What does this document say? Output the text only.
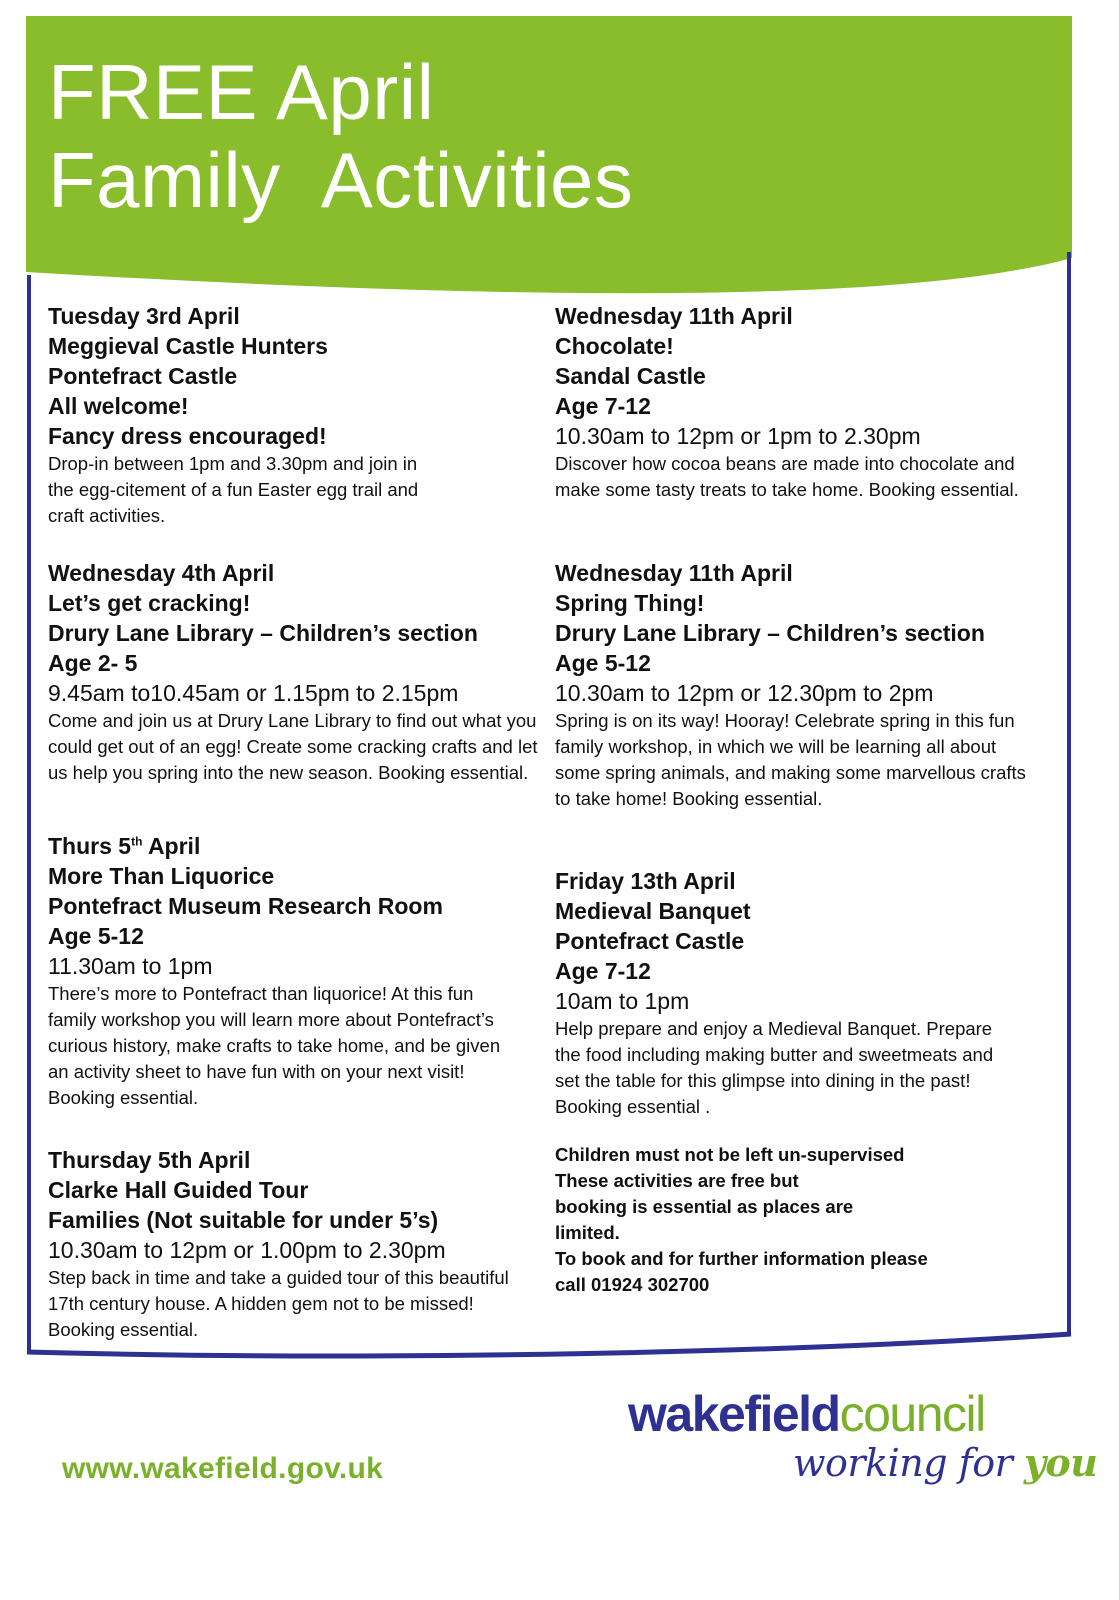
FREE April
Family  Activities
Tuesday 3rd April
Meggieval Castle Hunters
Pontefract Castle
All welcome!
Fancy dress encouraged!
Drop-in between 1pm and 3.30pm and join in the egg-citement of a fun Easter egg trail and craft activities.
Wednesday 4th April
Let’s get cracking!
Drury Lane Library – Children’s section
Age 2- 5
9.45am to10.45am or 1.15pm to 2.15pm
Come and join us at Drury Lane Library to find out what you could get out of an egg! Create some cracking crafts and let us help you spring into the new season. Booking essential.
Thurs 5th April
More Than Liquorice
Pontefract Museum Research Room
Age 5-12
11.30am to 1pm
There’s more to Pontefract than liquorice! At this fun family workshop you will learn more about Pontefract’s curious history, make crafts to take home, and be given an activity sheet to have fun with on your next visit! Booking essential.
Thursday 5th April
Clarke Hall Guided Tour
Families (Not suitable for under 5’s)
10.30am to 12pm or 1.00pm to 2.30pm
Step back in time and take a guided tour of this beautiful 17th century house. A hidden gem not to be missed! Booking essential.
Wednesday 11th April
Chocolate!
Sandal Castle
Age 7-12
10.30am to 12pm or 1pm to 2.30pm
Discover how cocoa beans are made into chocolate and make some tasty treats to take home. Booking essential.
Wednesday 11th April
Spring Thing!
Drury Lane Library – Children’s section
Age 5-12
10.30am to 12pm or 12.30pm to 2pm
Spring is on its way! Hooray! Celebrate spring in this fun family workshop, in which we will be learning all about some spring animals, and making some marvellous crafts to take home! Booking essential.
Friday 13th April
Medieval Banquet
Pontefract Castle
Age 7-12
10am to 1pm
Help prepare and enjoy a Medieval Banquet. Prepare the food including making butter and sweetmeats and set the table for this glimpse into dining in the past! Booking essential .
Children must not be left un-supervised
These activities are free but
booking is essential as places are
limited.
To book and for further information please
call 01924 302700
www.wakefield.gov.uk
wakefieldcouncil
working for you
